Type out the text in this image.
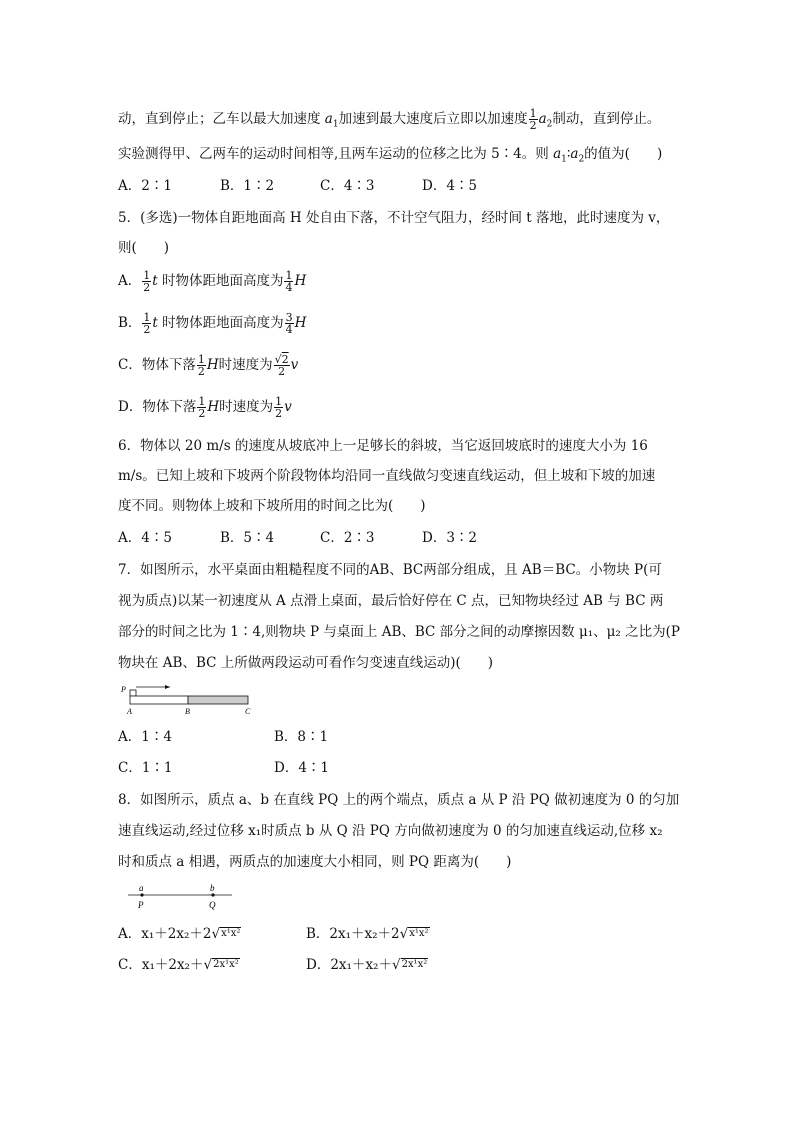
动，直到停止；乙车以最大加速度 $a_1$加速到最大速度后立即以加速度 $\frac{1}{2} a_2$制动，直到停止。
实验测得甲、乙两车的运动时间相等,且两车运动的位移之比为 5∶4。则 $a_1∶a_2$的值为(　　)
A．2∶1	B．1∶2	C．4∶3	D．4∶5
5．(多选)一物体自距地面高 H 处自由下落，不计空气阻力，经时间 t 落地，此时速度为 v，
则(　　)
A． $\frac{1}{2}$ t 时物体距地面高度为 $\frac{1}{4}$ H
B． $\frac{1}{2}$ t 时物体距地面高度为 $\frac{3}{4}$ H
C．物体下落 $\frac{1}{2}$ H时速度为 $\frac{√2}{2}$ v
D．物体下落 $\frac{1}{2}$ H时速度为 $\frac{1}{2}$ v
6．物体以 20 m/s 的速度从坡底冲上一足够长的斜坡，当它返回坡底时的速度大小为 16
m/s。已知上坡和下坡两个阶段物体均沿同一直线做匀变速直线运动，但上坡和下坡的加速
度不同。则物体上坡和下坡所用的时间之比为(　　)
A．4∶5	B．5∶4	C．2∶3	D．3∶2
7．如图所示，水平桌面由粗糙程度不同的AB、BC两部分组成，且 AB＝BC。小物块 P(可
视为质点)以某一初速度从 A 点滑上桌面，最后恰好停在 C 点，已知物块经过 AB 与 BC 两
部分的时间之比为 1∶4,则物块 P 与桌面上 AB、BC 部分之间的动摩擦因数 μ₁、μ₂ 之比为(P
物块在 AB、BC 上所做两段运动可看作匀变速直线运动)(　　)
P
A	B	C
A．1∶4	B．8∶1
C．1∶1	D．4∶1
8．如图所示，质点 a、b 在直线 PQ 上的两个端点，质点 a 从 P 沿 PQ 做初速度为 0 的匀加
速直线运动,经过位移 x₁时质点 b 从 Q 沿 PQ 方向做初速度为 0 的匀加速直线运动,位移 x₂
时和质点 a 相遇，两质点的加速度大小相同，则 PQ 距离为(　　)
a	b
P	Q
A．x₁＋2x₂＋2√x¹x²	B．2x₁＋x₂＋2√x¹x²
C．x₁＋2x₂＋√2x¹x²	D．2x₁＋x₂＋√2x¹x²
